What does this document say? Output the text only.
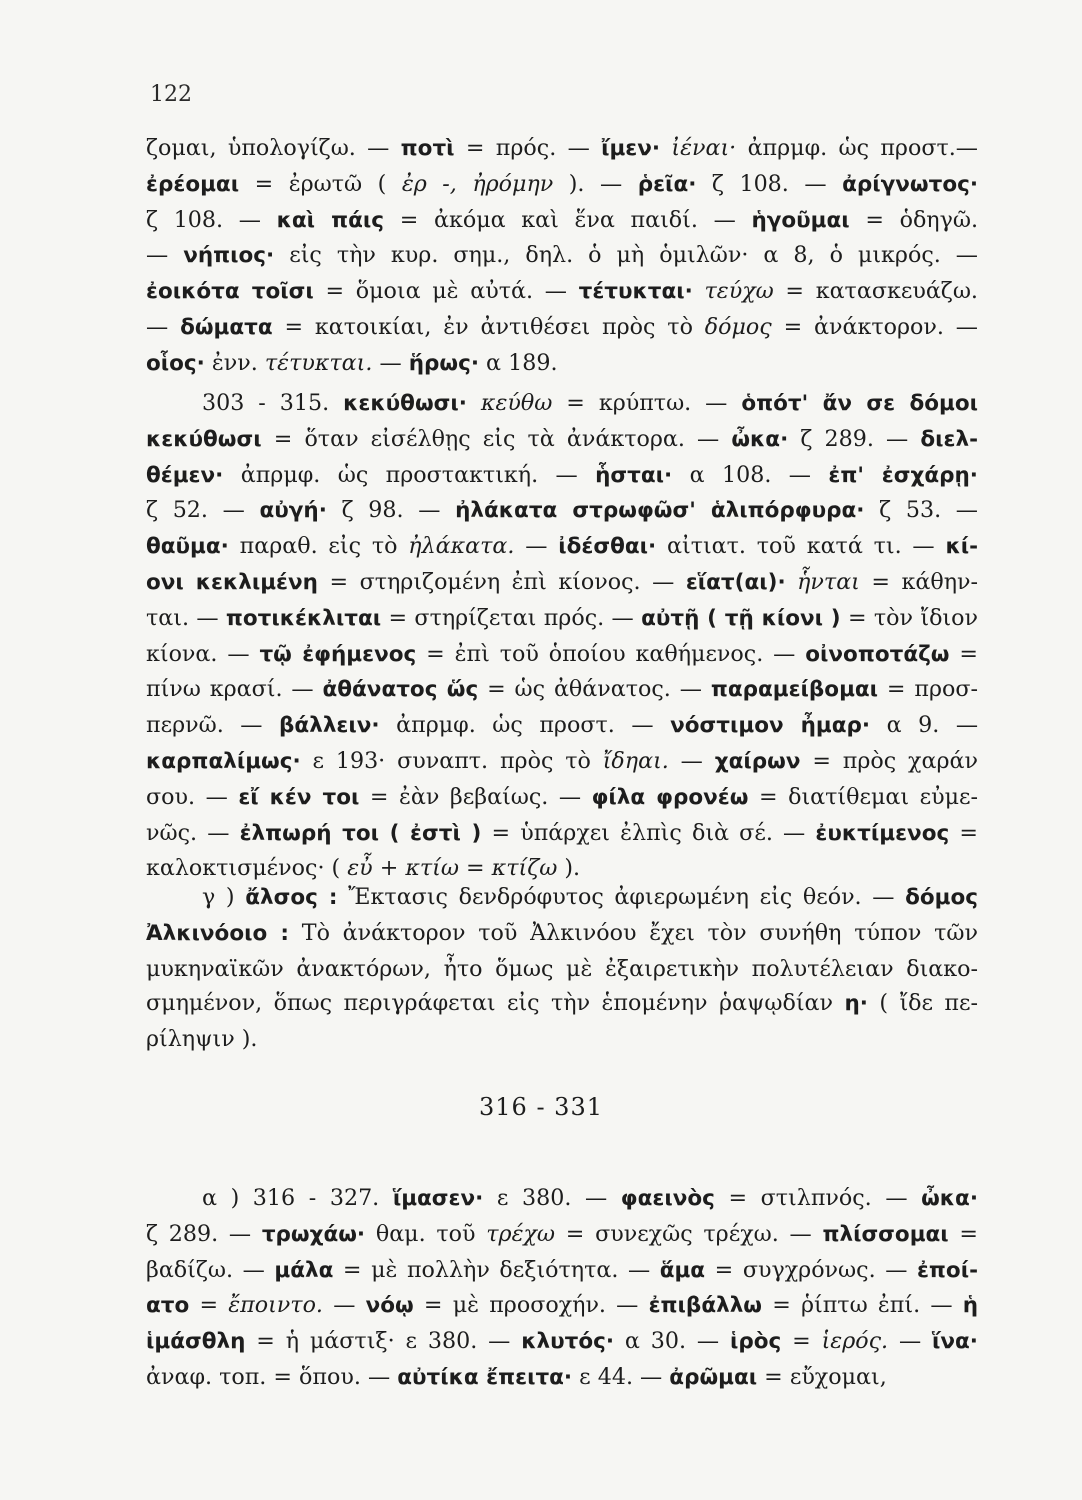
122

ζομαι, ὑπολογίζω. — ποτὶ = πρός. — ἴμεν· ἰέναι· ἀπρμφ. ὡς προστ.—

ἐρέομαι = ἐρωτῶ ( ἐρ -, ἠρόμην ). — ῥεῖα· ζ 108. — ἀρίγνωτος·

ζ 108. — καὶ πάις = ἀκόμα καὶ ἕνα παιδί. — ἡγοῦμαι = ὁδηγῶ.

— νήπιος· εἰς τὴν κυρ. σημ., δηλ. ὁ μὴ ὁμιλῶν· α 8, ὁ μικρός. —

ἐοικότα τοῖσι = ὅμοια μὲ αὐτά. — τέτυκται· τεύχω = κατασκευάζω.

— δώματα = κατοικίαι, ἐν ἀντιθέσει πρὸς τὸ δόμος = ἀνάκτορον. —

οἷος· ἐνν. τέτυκται. — ἥρως· α 189.

303 - 315. κεκύθωσι· κεύθω = κρύπτω. — ὁπότ' ἄν σε δόμοι

κεκύθωσι = ὅταν εἰσέλθῃς εἰς τὰ ἀνάκτορα. — ὦκα· ζ 289. — διελ-

θέμεν· ἀπρμφ. ὡς προστακτική. — ἧσται· α 108. — ἐπ' ἐσχάρῃ·

ζ 52. — αὐγή· ζ 98. — ἠλάκατα στρωφῶσ' ἁλιπόρφυρα· ζ 53. —

θαῦμα· παραθ. εἰς τὸ ἠλάκατα. — ἰδέσθαι· αἰτιατ. τοῦ κατά τι. — κί-

ονι κεκλιμένη = στηριζομένη ἐπὶ κίονος. — εἵατ(αι)· ἧνται = κάθην-

ται. — ποτικέκλιται = στηρίζεται πρός. — αὐτῇ ( τῇ κίονι ) = τὸν ἴδιον

κίονα. — τῷ ἐφήμενος = ἐπὶ τοῦ ὁποίου καθήμενος. — οἰνοποτάζω =

πίνω κρασί. — ἀθάνατος ὥς = ὡς ἀθάνατος. — παραμείβομαι = προσ-

περνῶ. — βάλλειν· ἀπρμφ. ὡς προστ. — νόστιμον ἦμαρ· α 9. —

καρπαλίμως· ε 193· συναπτ. πρὸς τὸ ἴδηαι. — χαίρων = πρὸς χαράν

σου. — εἴ κέν τοι = ἐὰν βεβαίως. — φίλα φρονέω = διατίθεμαι εὐμε-

νῶς. — ἐλπωρή τοι ( ἐστὶ ) = ὑπάρχει ἐλπὶς διὰ σέ. — ἐυκτίμενος =

καλοκτισμένος· ( εὖ + κτίω = κτίζω ).

γ ) ἄλσος : Ἔκτασις δενδρόφυτος ἀφιερωμένη εἰς θεόν. — δόμος

Ἀλκινόοιο : Τὸ ἀνάκτορον τοῦ Ἀλκινόου ἔχει τὸν συνήθη τύπον τῶν

μυκηναϊκῶν ἀνακτόρων, ἦτο ὅμως μὲ ἐξαιρετικὴν πολυτέλειαν διακο-

σμημένον, ὅπως περιγράφεται εἰς τὴν ἑπομένην ῥαψῳδίαν η· ( ἴδε πε-

ρίληψιν ).

316 - 331

α ) 316 - 327. ἵμασεν· ε 380. — φαεινὸς = στιλπνός. — ὦκα·

ζ 289. — τρωχάω· θαμ. τοῦ τρέχω = συνεχῶς τρέχω. — πλίσσομαι =

βαδίζω. — μάλα = μὲ πολλὴν δεξιότητα. — ἅμα = συγχρόνως. — ἐποί-

ατο = ἔποιντο. — νόῳ = μὲ προσοχήν. — ἐπιβάλλω = ῥίπτω ἐπί. — ἡ

ἱμάσθλη = ἡ μάστιξ· ε 380. — κλυτός· α 30. — ἱρὸς = ἱερός. — ἵνα·

ἀναφ. τοπ. = ὅπου. — αὐτίκα ἔπειτα· ε 44. — ἀρῶμαι = εὔχομαι,
